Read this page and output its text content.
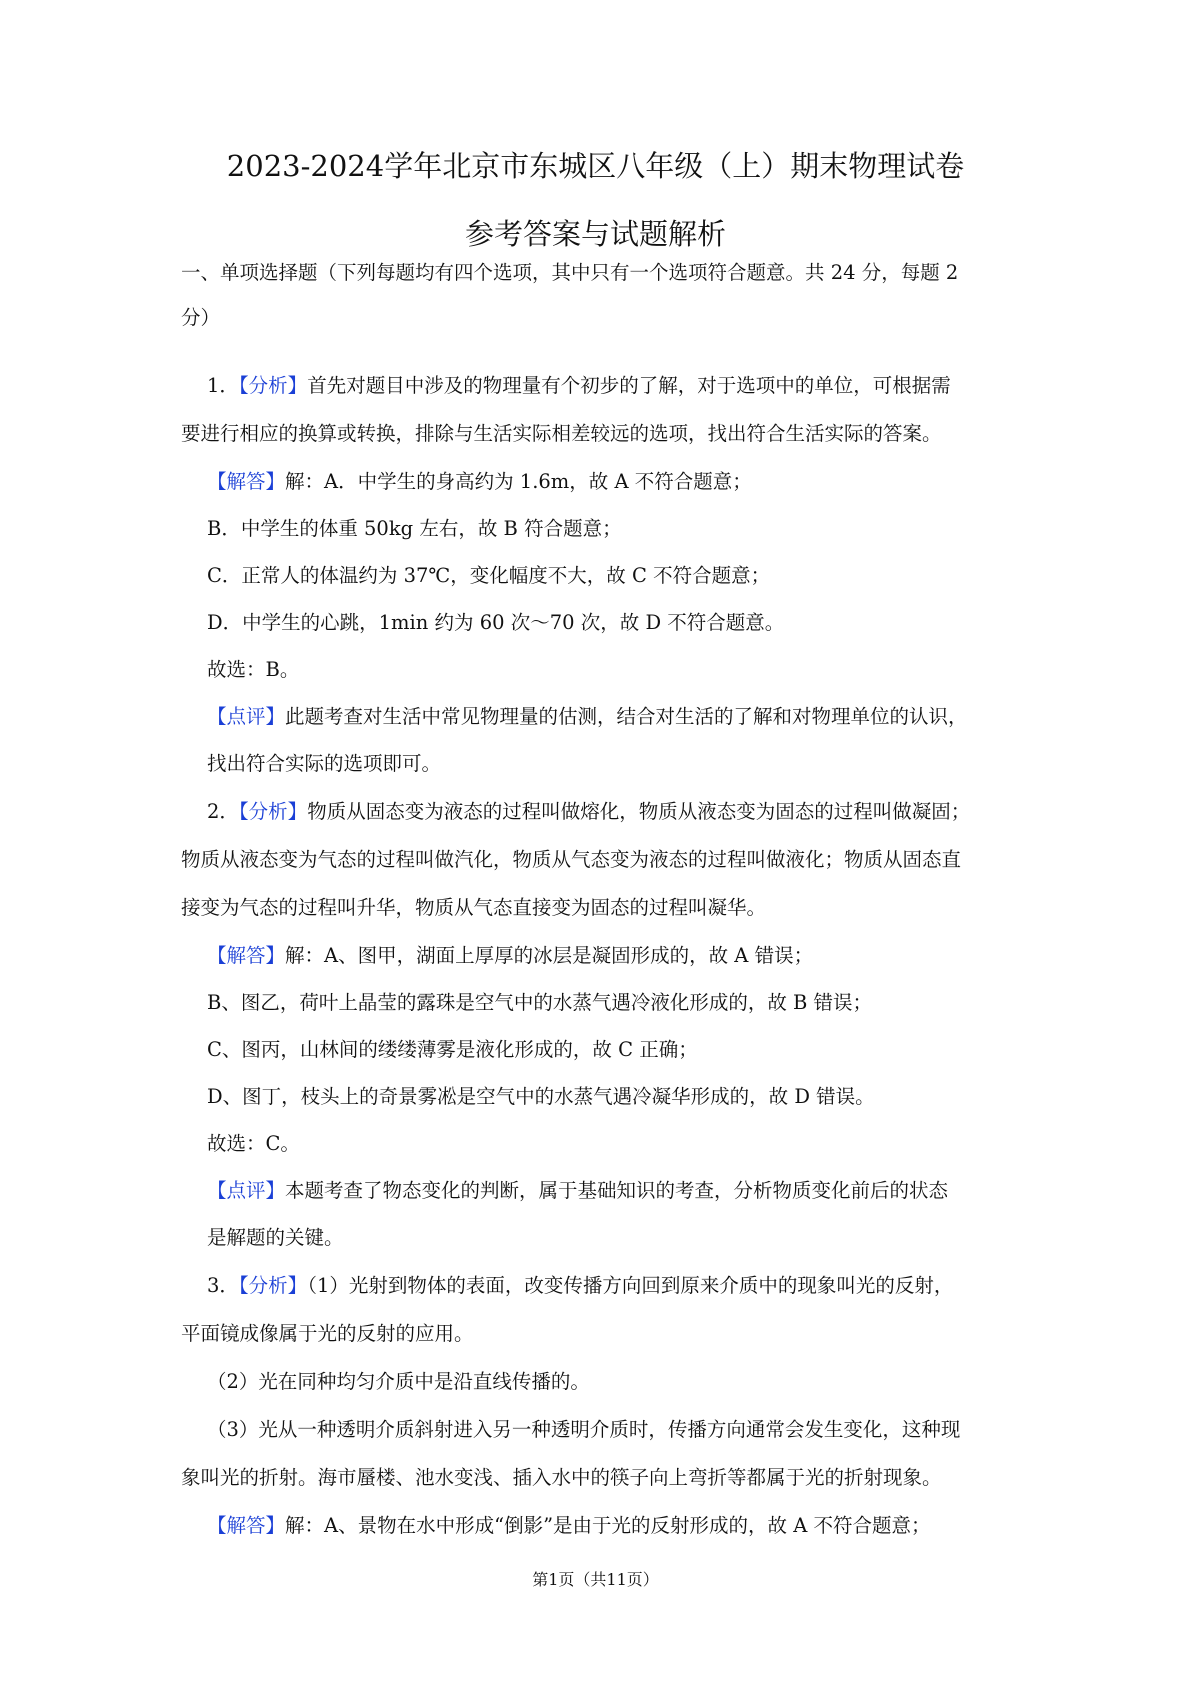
2023-2024学年北京市东城区八年级（上）期末物理试卷
参考答案与试题解析
一、单项选择题（下列每题均有四个选项，其中只有一个选项符合题意。共 24 分，每题 2
分）
1．【分析】首先对题目中涉及的物理量有个初步的了解，对于选项中的单位，可根据需
要进行相应的换算或转换，排除与生活实际相差较远的选项，找出符合生活实际的答案。
【解答】解：A．中学生的身高约为 1.6m，故 A 不符合题意；
B．中学生的体重 50kg 左右，故 B 符合题意；
C．正常人的体温约为 37℃，变化幅度不大，故 C 不符合题意；
D．中学生的心跳，1min 约为 60 次～70 次，故 D 不符合题意。
故选：B。
【点评】此题考查对生活中常见物理量的估测，结合对生活的了解和对物理单位的认识，
找出符合实际的选项即可。
2．【分析】物质从固态变为液态的过程叫做熔化，物质从液态变为固态的过程叫做凝固；
物质从液态变为气态的过程叫做汽化，物质从气态变为液态的过程叫做液化；物质从固态直
接变为气态的过程叫升华，物质从气态直接变为固态的过程叫凝华。
【解答】解：A、图甲，湖面上厚厚的冰层是凝固形成的，故 A 错误；
B、图乙，荷叶上晶莹的露珠是空气中的水蒸气遇冷液化形成的，故 B 错误；
C、图丙，山林间的缕缕薄雾是液化形成的，故 C 正确；
D、图丁，枝头上的奇景雾凇是空气中的水蒸气遇冷凝华形成的，故 D 错误。
故选：C。
【点评】本题考查了物态变化的判断，属于基础知识的考查，分析物质变化前后的状态
是解题的关键。
3．【分析】（1）光射到物体的表面，改变传播方向回到原来介质中的现象叫光的反射，
平面镜成像属于光的反射的应用。
（2）光在同种均匀介质中是沿直线传播的。
（3）光从一种透明介质斜射进入另一种透明介质时，传播方向通常会发生变化，这种现
象叫光的折射。海市蜃楼、池水变浅、插入水中的筷子向上弯折等都属于光的折射现象。
【解答】解：A、景物在水中形成“倒影”是由于光的反射形成的，故 A 不符合题意；
第1页（共11页）
